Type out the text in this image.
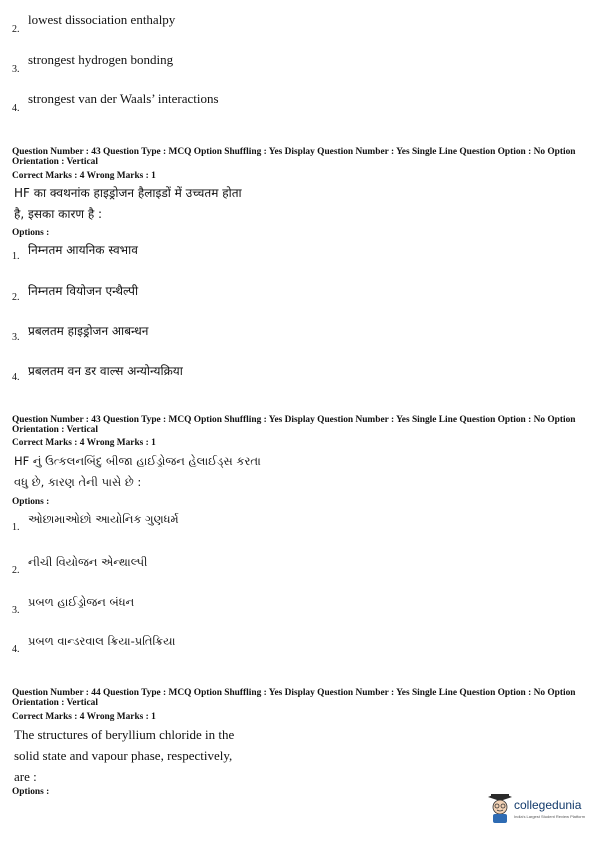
2.
lowest dissociation enthalpy
3.
strongest hydrogen bonding
4.
strongest van der Waals’ interactions
Question Number : 43 Question Type : MCQ Option Shuffling : Yes Display Question Number : Yes Single Line Question Option : No Option Orientation : Vertical
Correct Marks : 4 Wrong Marks : 1
HF का क्वथनांक हाइड्रोजन हैलाइडों में उच्चतम होता
है, इसका कारण है :
Options :
1. निम्नतम आयनिक स्वभाव
2. निम्नतम वियोजन एन्थैल्पी
3. प्रबलतम हाइड्रोजन आबन्धन
4. प्रबलतम वन डर वाल्स अन्योन्यक्रिया
Question Number : 43 Question Type : MCQ Option Shuffling : Yes Display Question Number : Yes Single Line Question Option : No Option Orientation : Vertical
Correct Marks : 4 Wrong Marks : 1
HF નું ઉત્કલનબિંદુ બીજા હાઈડ્રોજન હેલાઈડ્સ કરતા
વધુ છે, કારણ તેની પાસે છે :
Options :
1.
ઓછામાઓછો આયોનિક ગુણધર્મ
2.
નીચી વિયોજન એન્થાલ્પી
3.
પ્રબળ હાઈડ્રોજન બંધન
4.
પ્રબળ વાન્ડરવાલ ક્રિયા-પ્રતિક્રિયા
Question Number : 44 Question Type : MCQ Option Shuffling : Yes Display Question Number : Yes Single Line Question Option : No Option Orientation : Vertical
Correct Marks : 4 Wrong Marks : 1
The structures of beryllium chloride in the
solid state and vapour phase, respectively,
are :
Options :
collegedunia
India's Largest Student Review Platform
